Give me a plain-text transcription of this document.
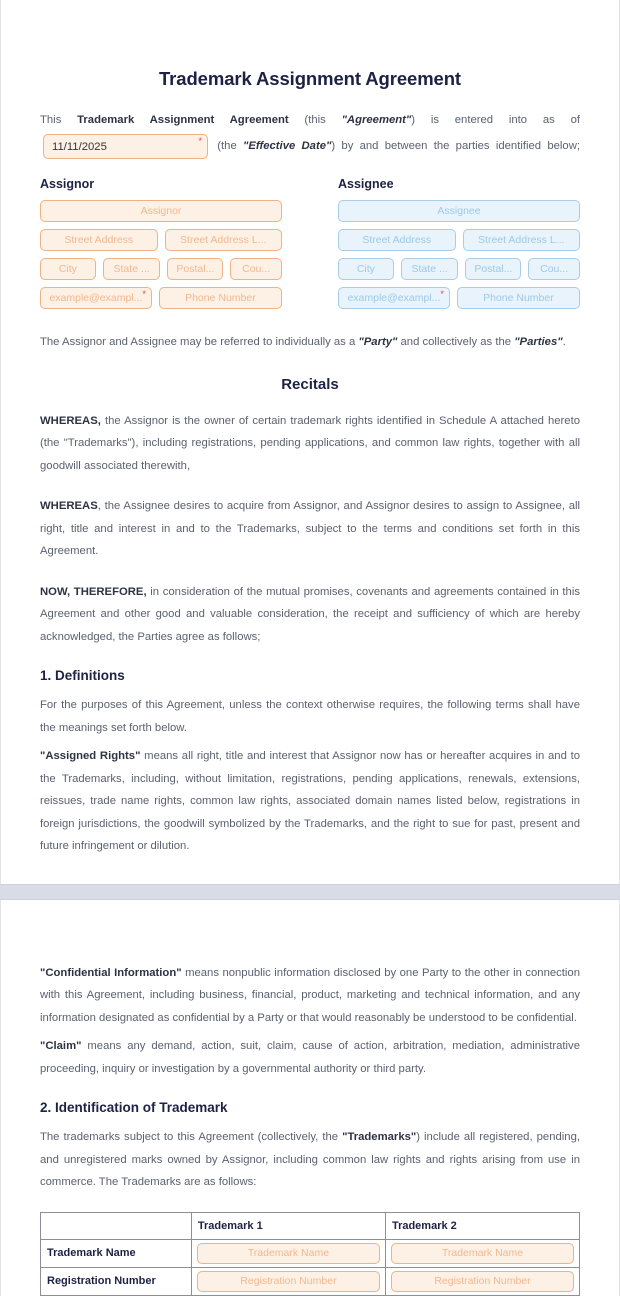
Trademark Assignment Agreement
This Trademark Assignment Agreement (this "Agreement") is entered into as of 11/11/2025	* (the "Effective Date") by and between the parties identified below;
Assignor
Assignor
Street Address	Street Address L...
City	State ...	Postal...	Cou...
example@exampl... *	Phone Number
Assignee
Assignee
Street Address	Street Address L...
City	State ...	Postal...	Cou...
example@exampl... *	Phone Number

The Assignor and Assignee may be referred to individually as a "Party" and collectively as the "Parties".

Recitals

WHEREAS, the Assignor is the owner of certain trademark rights identified in Schedule A attached hereto (the "Trademarks"), including registrations, pending applications, and common law rights, together with all goodwill associated therewith,

WHEREAS, the Assignee desires to acquire from Assignor, and Assignor desires to assign to Assignee, all right, title and interest in and to the Trademarks, subject to the terms and conditions set forth in this Agreement.

NOW, THEREFORE, in consideration of the mutual promises, covenants and agreements contained in this Agreement and other good and valuable consideration, the receipt and sufficiency of which are hereby acknowledged, the Parties agree as follows;

1. Definitions

For the purposes of this Agreement, unless the context otherwise requires, the following terms shall have the meanings set forth below.

"Assigned Rights" means all right, title and interest that Assignor now has or hereafter acquires in and to the Trademarks, including, without limitation, registrations, pending applications, renewals, extensions, reissues, trade name rights, common law rights, associated domain names listed below, registrations in foreign jurisdictions, the goodwill symbolized by the Trademarks, and the right to sue for past, present and future infringement or dilution.

"Confidential Information" means nonpublic information disclosed by one Party to the other in connection with this Agreement, including business, financial, product, marketing and technical information, and any information designated as confidential by a Party or that would reasonably be understood to be confidential.

"Claim" means any demand, action, suit, claim, cause of action, arbitration, mediation, administrative proceeding, inquiry or investigation by a governmental authority or third party.

2. Identification of Trademark

The trademarks subject to this Agreement (collectively, the "Trademarks") include all registered, pending, and unregistered marks owned by Assignor, including common law rights and rights arising from use in commerce. The Trademarks are as follows:

	Trademark 1	Trademark 2
Trademark Name	Trademark Name	Trademark Name

Registration Number	Registration Number	Registration Number
